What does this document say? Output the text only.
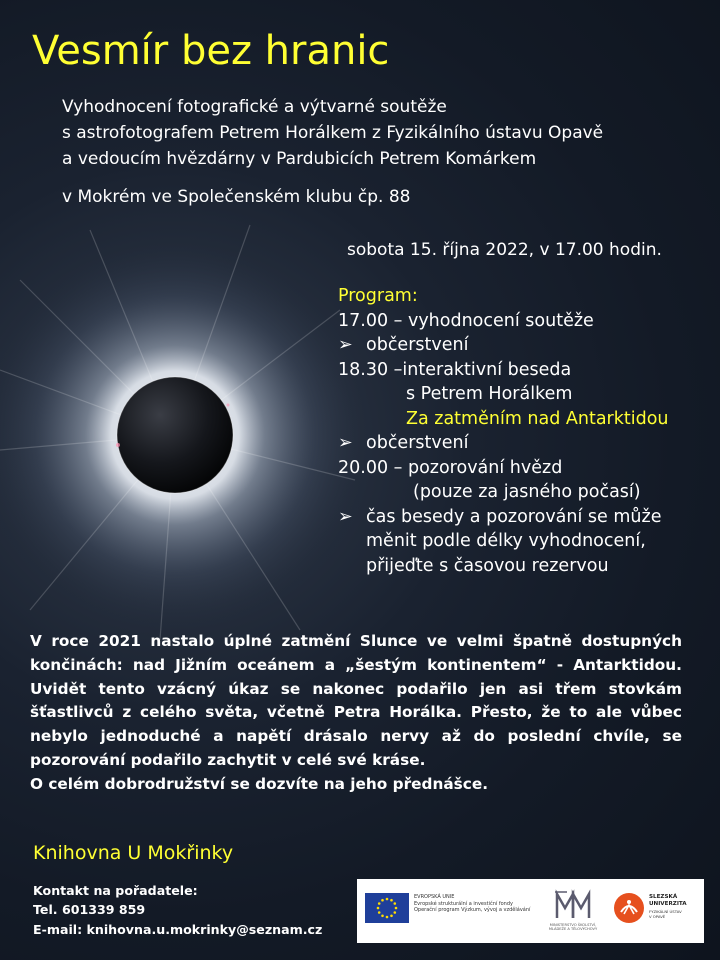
Vesmír bez hranic
Vyhodnocení fotografické a výtvarné soutěže
s astrofotografem Petrem Horálkem z Fyzikálního ústavu Opavě
a vedoucím hvězdárny v Pardubicích Petrem Komárkem
v Mokrém ve Společenském klubu čp. 88
sobota 15. října 2022, v 17.00 hodin.
Program:
17.00 – vyhodnocení soutěže
➢ občerstvení
18.30 –interaktivní beseda
s Petrem Horálkem
Za zatměním nad Antarktidou
➢ občerstvení
20.00 – pozorování hvězd
(pouze za jasného počasí)
➢ čas besedy a pozorování se může
měnit podle délky vyhodnocení,
přijeďte s časovou rezervou

V roce 2021 nastalo úplné zatmění Slunce ve velmi špatně dostupných končinách: nad Jižním oceánem a „šestým kontinentem“ - Antarktidou. Uvidět tento vzácný úkaz se nakonec podařilo jen asi třem stovkám šťastlivců z celého světa, včetně Petra Horálka. Přesto, že to ale vůbec nebylo jednoduché a napětí drásalo nervy až do poslední chvíle, se pozorování podařilo zachytit v celé své kráse.

O celém dobrodružství se dozvíte na jeho přednášce.

Knihovna U Mokřinky
Kontakt na pořadatele:
Tel. 601339 859
E-mail: knihovna.u.mokrinky@seznam.cz
EVROPSKÁ UNIE
Evropské strukturální a investiční fondy
Operační program Výzkum, vývoj a vzdělávání
MINISTERSTVO ŠKOLSTVÍ,
MLÁDEŽE A TĚLOVÝCHOVY
SLEZSKÁ
UNIVERZITA
FYZIKÁLNÍ ÚSTAV
V OPAVĚ
